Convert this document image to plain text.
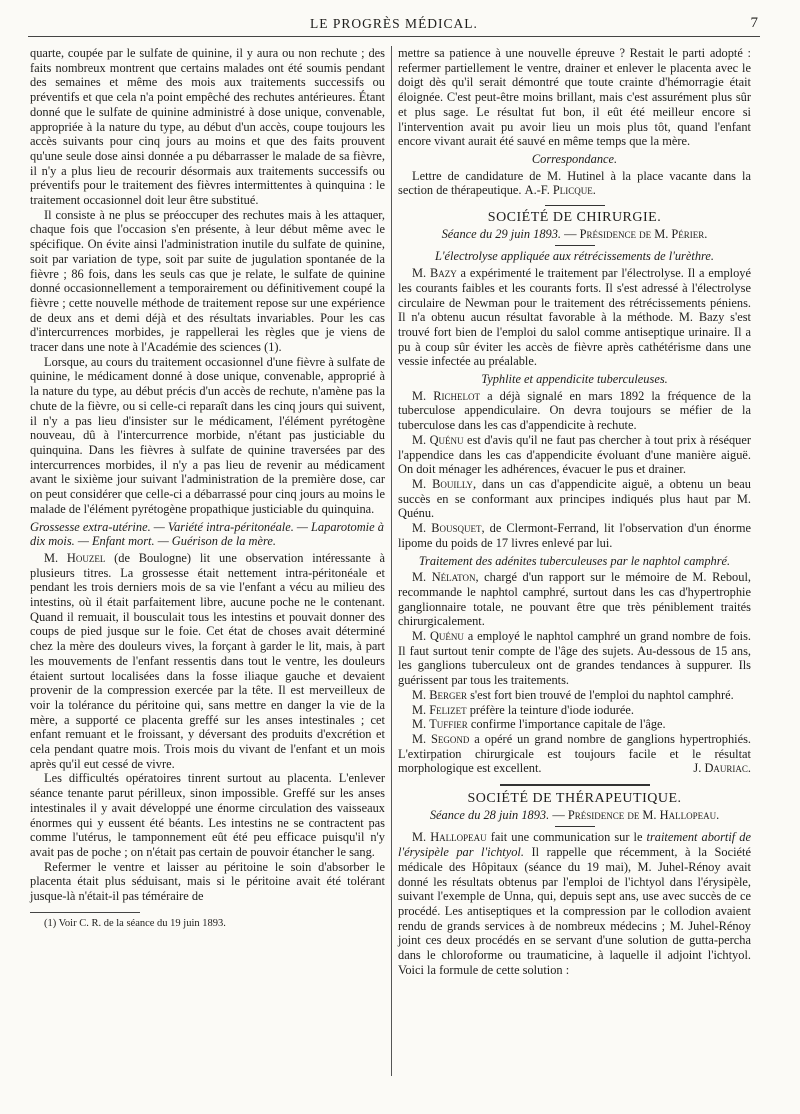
LE PROGRÈS MÉDICAL.	7

quarte, coupée par le sulfate de quinine, il y aura ou non rechute ; des faits nombreux montrent que certains malades ont été soumis pendant des semaines et même des mois aux traitements successifs ou préventifs et que cela n'a point empêché des rechutes antérieures. Étant donné que le sulfate de quinine administré à dose unique, convenable, appropriée à la nature du type, au début d'un accès, coupe toujours les accès suivants pour cinq jours au moins et que des faits prouvent qu'une seule dose ainsi donnée a pu débarrasser le malade de sa fièvre, il n'y a plus lieu de recourir désormais aux traitements successifs ou préventifs pour le traitement des fièvres intermittentes à quinquina : le traitement occasionnel doit leur être substitué.

Il consiste à ne plus se préoccuper des rechutes mais à les attaquer, chaque fois que l'occasion s'en présente, à leur début même avec le spécifique. On évite ainsi l'administration inutile du sulfate de quinine, soit par variation de type, soit par suite de jugulation spontanée de la fièvre ; 86 fois, dans les seuls cas que je relate, le sulfate de quinine donné occasionnellement a temporairement ou définitivement coupé la fièvre ; cette nouvelle méthode de traitement repose sur une expérience de deux ans et demi déjà et des résultats invariables. Pour les cas d'intercurrences morbides, je rappellerai les règles que je viens de tracer dans une note à l'Académie des sciences (1).

Lorsque, au cours du traitement occasionnel d'une fièvre à sulfate de quinine, le médicament donné à dose unique, convenable, approprié à la nature du type, au début précis d'un accès de rechute, n'amène pas la chute de la fièvre, ou si celle-ci reparaît dans les cinq jours qui suivent, il n'y a pas lieu d'insister sur le médicament, l'élément pyrétogène nouveau, dû à l'intercurrence morbide, n'étant pas justiciable du quinquina. Dans les fièvres à sulfate de quinine traversées par des intercurrences morbides, il n'y a pas lieu de revenir au médicament avant le sixième jour suivant l'administration de la première dose, car on peut considérer que celle-ci a débarrassé pour cinq jours au moins le malade de l'élément pyrétogène propathique justiciable du quinquina.

Grossesse extra-utérine. — Variété intra-péritonéale. — Laparotomie à dix mois. — Enfant mort. — Guérison de la mère.

M. Houzel (de Boulogne) lit une observation intéressante à plusieurs titres. La grossesse était nettement intra-péritonéale et pendant les trois derniers mois de sa vie l'enfant a vécu au milieu des intestins, où il était parfaitement libre, aucune poche ne le contenant. Quand il remuait, il bousculait tous les intestins et pouvait donner des coups de pied jusque sur le foie. Cet état de choses avait déterminé chez la mère des douleurs vives, la forçant à garder le lit, mais, à part les mouvements de l'enfant ressentis dans tout le ventre, les douleurs étaient surtout localisées dans la fosse iliaque gauche et devaient provenir de la compression exercée par la tête. Il est merveilleux de voir la tolérance du péritoine qui, sans mettre en danger la vie de la mère, a supporté ce placenta greffé sur les anses intestinales ; cet enfant remuant et le froissant, y déversant des produits d'excrétion et cela pendant quatre mois. Trois mois du vivant de l'enfant et un mois après qu'il eut cessé de vivre.

Les difficultés opératoires tinrent surtout au placenta. L'enlever séance tenante parut périlleux, sinon impossible. Greffé sur les anses intestinales il y avait développé une énorme circulation des vaisseaux énormes qui y eussent été béants. Les intestins ne se contractent pas comme l'utérus, le tamponnement eût été peu efficace puisqu'il n'y avait pas de poche ; on n'était pas certain de pouvoir étancher le sang.

Refermer le ventre et laisser au péritoine le soin d'absorber le placenta était plus séduisant, mais si le péritoine avait été tolérant jusque-là n'était-il pas téméraire de

(1) Voir C. R. de la séance du 19 juin 1893.

mettre sa patience à une nouvelle épreuve ? Restait le parti adopté : refermer partiellement le ventre, drainer et enlever le placenta avec le doigt dès qu'il serait démontré que toute crainte d'hémorragie était éloignée. C'est peut-être moins brillant, mais c'est assurément plus sûr et plus sage. Le résultat fut bon, il eût été meilleur encore si l'intervention avait pu avoir lieu un mois plus tôt, quand l'enfant encore vivant aurait été sauvé en même temps que la mère.

Correspondance.

Lettre de candidature de M. Hutinel à la place vacante dans la section de thérapeutique. A.-F. Plicque.

SOCIÉTÉ DE CHIRURGIE.

Séance du 29 juin 1893. — Présidence de M. Périer.

L'électrolyse appliquée aux rétrécissements de l'urèthre.

M. Bazy a expérimenté le traitement par l'électrolyse. Il a employé les courants faibles et les courants forts. Il s'est adressé à l'électrolyse circulaire de Newman pour le traitement des rétrécissements péniens. Il n'a obtenu aucun résultat favorable à la méthode. M. Bazy s'est trouvé fort bien de l'emploi du salol comme antiseptique urinaire. Il a pu à coup sûr éviter les accès de fièvre après cathétérisme dans une vessie infectée au préalable.

Typhlite et appendicite tuberculeuses.

M. Richelot a déjà signalé en mars 1892 la fréquence de la tuberculose appendiculaire. On devra toujours se méfier de la tuberculose dans les cas d'appendicite à rechute.

M. Quénu est d'avis qu'il ne faut pas chercher à tout prix à réséquer l'appendice dans les cas d'appendicite évoluant d'une manière aiguë. On doit ménager les adhérences, évacuer le pus et drainer.

M. Bouilly, dans un cas d'appendicite aiguë, a obtenu un beau succès en se conformant aux principes indiqués plus haut par M. Quénu.

M. Bousquet, de Clermont-Ferrand, lit l'observation d'un énorme lipome du poids de 17 livres enlevé par lui.

Traitement des adénites tuberculeuses par le naphtol camphré.

M. Nélaton, chargé d'un rapport sur le mémoire de M. Reboul, recommande le naphtol camphré, surtout dans les cas d'hypertrophie ganglionnaire totale, ne pouvant être que très péniblement traités chirurgicalement.

M. Quénu a employé le naphtol camphré un grand nombre de fois. Il faut surtout tenir compte de l'âge des sujets. Au-dessous de 15 ans, les ganglions tuberculeux ont de grandes tendances à suppurer. Ils guérissent par tous les traitements.

M. Berger s'est fort bien trouvé de l'emploi du naphtol camphré.

M. Felizet préfère la teinture d'iode iodurée.

M. Tuffier confirme l'importance capitale de l'âge.

M. Segond a opéré un grand nombre de ganglions hypertrophiés. L'extirpation chirurgicale est toujours facile et le résultat morphologique est excellent.	J. Dauriac.

SOCIÉTÉ DE THÉRAPEUTIQUE.

Séance du 28 juin 1893. — Présidence de M. Hallopeau.

M. Hallopeau fait une communication sur le traitement abortif de l'érysipèle par l'ichtyol. Il rappelle que récemment, à la Société médicale des Hôpitaux (séance du 19 mai), M. Juhel-Rénoy avait donné les résultats obtenus par l'emploi de l'ichtyol dans l'érysipèle, suivant l'exemple de Unna, qui, depuis sept ans, use avec succès de ce procédé. Les antiseptiques et la compression par le collodion avaient rendu de grands services à de nombreux médecins ; M. Juhel-Rénoy joint ces deux procédés en se servant d'une solution de gutta-percha dans le chloroforme ou traumaticine, à laquelle il adjoint l'ichtyol. Voici la formule de cette solution :
